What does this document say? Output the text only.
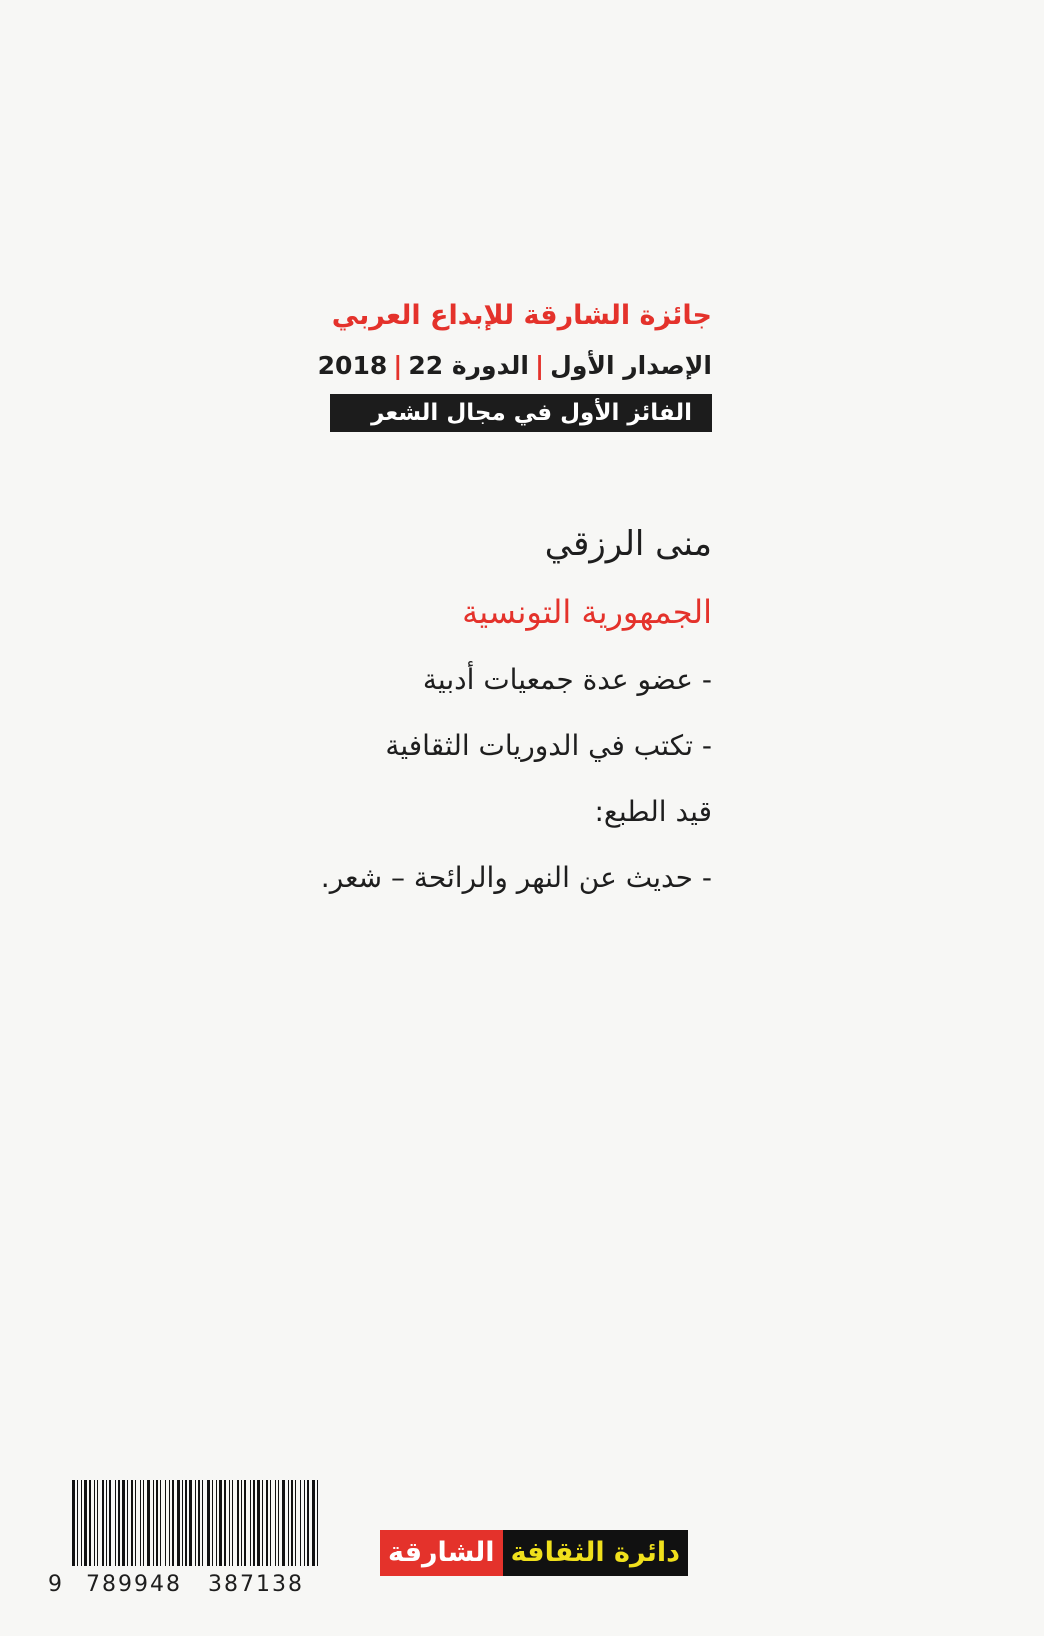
جائزة الشارقة للإبداع العربي

الإصدار الأول|الدورة 22|2018
الفائز الأول في مجال الشعر
منى الرزقي
الجمهورية التونسية
- عضو عدة جمعيات أدبية
- تكتب في الدوريات الثقافية
قيد الطبع:
- حديث عن النهر والرائحة – شعر.
9 789948 387138
دائرة الثقافة
الشارقة
